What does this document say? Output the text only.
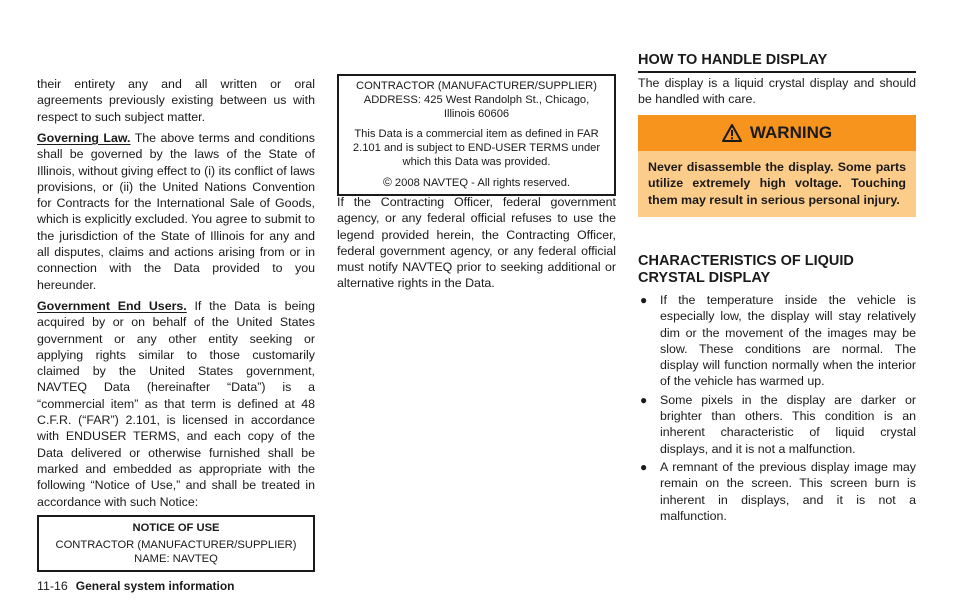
their entirety any and all written or oral agreements previously existing between us with respect to such subject matter.

Governing Law. The above terms and conditions shall be governed by the laws of the State of Illinois, without giving effect to (i) its conflict of laws provisions, or (ii) the United Nations Convention for Contracts for the International Sale of Goods, which is explicitly excluded. You agree to submit to the jurisdiction of the State of Illinois for any and all disputes, claims and actions arising from or in connection with the Data provided to you hereunder.

Government End Users. If the Data is being acquired by or on behalf of the United States government or any other entity seeking or applying rights similar to those customarily claimed by the United States government, NAVTEQ Data (hereinafter “Data”) is a “commercial item” as that term is defined at 48 C.F.R. (“FAR”) 2.101, is licensed in accordance with ENDUSER TERMS, and each copy of the Data delivered or otherwise furnished shall be marked and embedded as appropriate with the following “Notice of Use,” and shall be treated in accordance with such Notice:

NOTICE OF USE
CONTRACTOR (MANUFACTURER/SUPPLIER)
NAME: NAVTEQ
CONTRACTOR (MANUFACTURER/SUPPLIER)
ADDRESS: 425 West Randolph St., Chicago,
Illinois 60606
This Data is a commercial item as defined in FAR
2.101 and is subject to END-USER TERMS under
which this Data was provided.
© 2008 NAVTEQ - All rights reserved.

If the Contracting Officer, federal government agency, or any federal official refuses to use the legend provided herein, the Contracting Officer, federal government agency, or any federal official must notify NAVTEQ prior to seeking additional or alternative rights in the Data.

HOW TO HANDLE DISPLAY

The display is a liquid crystal display and should be handled with care.

WARNING
Never disassemble the display. Some parts utilize extremely high voltage. Touching them may result in serious personal injury.
CHARACTERISTICS OF LIQUID
CRYSTAL DISPLAY
● If the temperature inside the vehicle is especially low, the display will stay relatively dim or the movement of the images may be slow. These conditions are normal. The display will function normally when the interior of the vehicle has warmed up.
● Some pixels in the display are darker or brighter than others. This condition is an inherent characteristic of liquid crystal displays, and it is not a malfunction.
● A remnant of the previous display image may remain on the screen. This screen burn is inherent in displays, and it is not a malfunction.
11-16 General system information
